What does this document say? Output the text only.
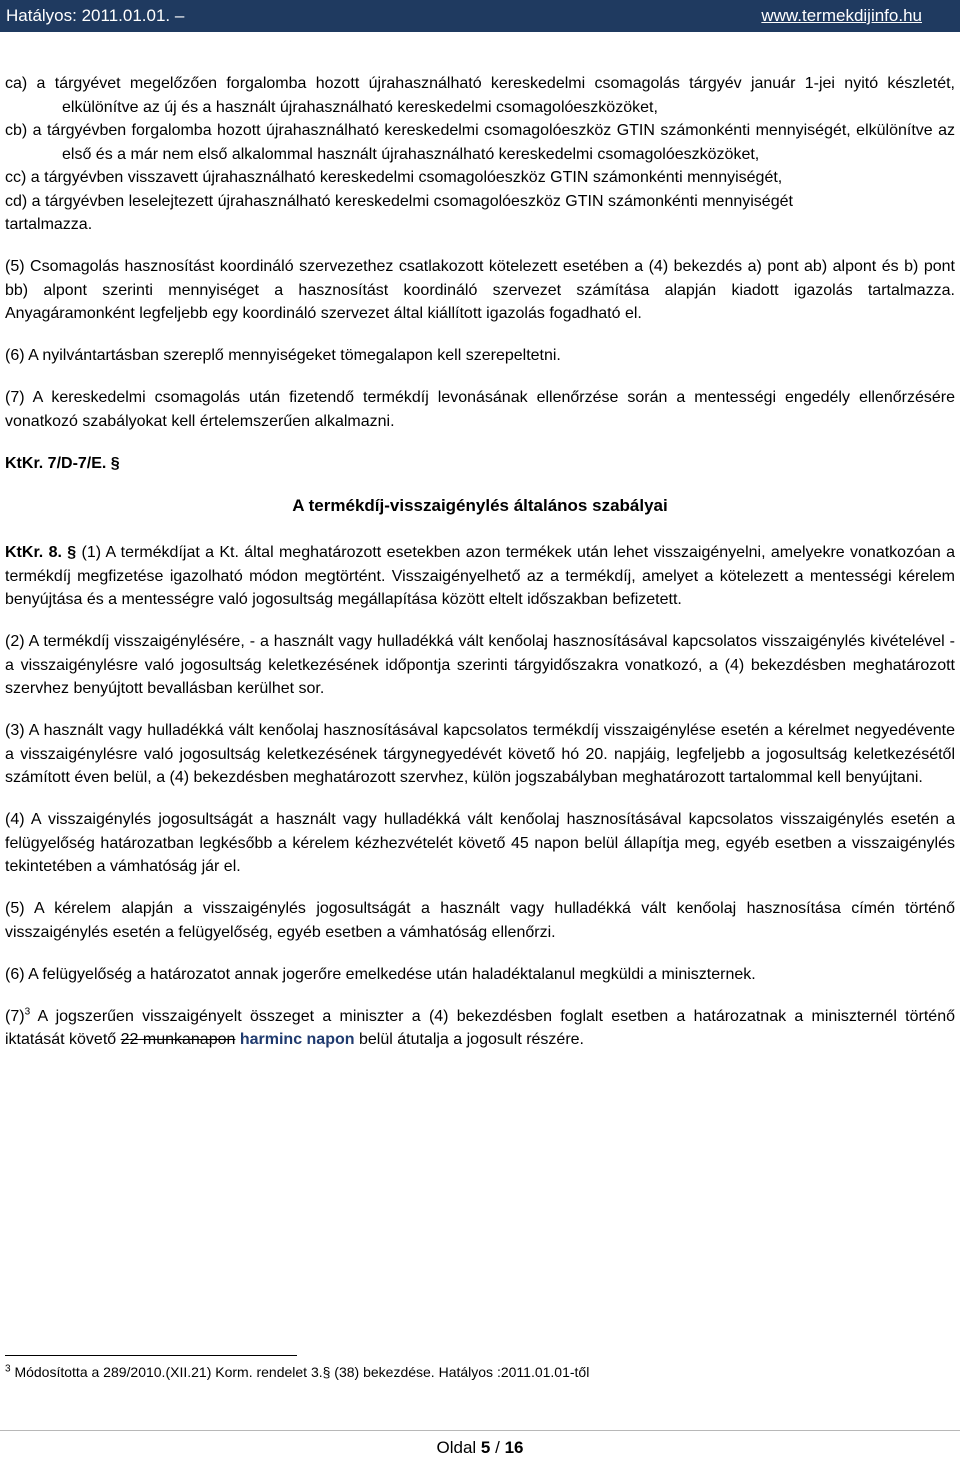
Hatályos: 2011.01.01. –	www.termekdijinfo.hu

ca) a tárgyévet megelőzően forgalomba hozott újrahasználható kereskedelmi csomagolás tárgyév január 1-jei nyitó készletét, elkülönítve az új és a használt újrahasználható kereskedelmi csomagolóeszközöket,

cb) a tárgyévben forgalomba hozott újrahasználható kereskedelmi csomagolóeszköz GTIN számonkénti mennyiségét, elkülönítve az első és a már nem első alkalommal használt újrahasználható kereskedelmi csomagolóeszközöket,

cc) a tárgyévben visszavett újrahasználható kereskedelmi csomagolóeszköz GTIN számonkénti mennyiségét,

cd) a tárgyévben leselejtezett újrahasználható kereskedelmi csomagolóeszköz GTIN számonkénti mennyiségét

tartalmazza.

(5) Csomagolás hasznosítást koordináló szervezethez csatlakozott kötelezett esetében a (4) bekezdés a) pont ab) alpont és b) pont bb) alpont szerinti mennyiséget a hasznosítást koordináló szervezet számítása alapján kiadott igazolás tartalmazza. Anyagáramonként legfeljebb egy koordináló szervezet által kiállított igazolás fogadható el.

(6) A nyilvántartásban szereplő mennyiségeket tömegalapon kell szerepeltetni.

(7) A kereskedelmi csomagolás után fizetendő termékdíj levonásának ellenőrzése során a mentességi engedély ellenőrzésére vonatkozó szabályokat kell értelemszerűen alkalmazni.

KtKr. 7/D-7/E. §

A termékdíj-visszaigénylés általános szabályai

KtKr. 8. § (1) A termékdíjat a Kt. által meghatározott esetekben azon termékek után lehet visszaigényelni, amelyekre vonatkozóan a termékdíj megfizetése igazolható módon megtörtént. Visszaigényelhető az a termékdíj, amelyet a kötelezett a mentességi kérelem benyújtása és a mentességre való jogosultság megállapítása között eltelt időszakban befizetett.

(2) A termékdíj visszaigénylésére, - a használt vagy hulladékká vált kenőolaj hasznosításával kapcsolatos visszaigénylés kivételével - a visszaigénylésre való jogosultság keletkezésének időpontja szerinti tárgyidőszakra vonatkozó, a (4) bekezdésben meghatározott szervhez benyújtott bevallásban kerülhet sor.

(3) A használt vagy hulladékká vált kenőolaj hasznosításával kapcsolatos termékdíj visszaigénylése esetén a kérelmet negyedévente a visszaigénylésre való jogosultság keletkezésének tárgynegyedévét követő hó 20. napjáig, legfeljebb a jogosultság keletkezésétől számított éven belül, a (4) bekezdésben meghatározott szervhez, külön jogszabályban meghatározott tartalommal kell benyújtani.

(4) A visszaigénylés jogosultságát a használt vagy hulladékká vált kenőolaj hasznosításával kapcsolatos visszaigénylés esetén a felügyelőség határozatban legkésőbb a kérelem kézhezvételét követő 45 napon belül állapítja meg, egyéb esetben a visszaigénylés tekintetében a vámhatóság jár el.

(5) A kérelem alapján a visszaigénylés jogosultságát a használt vagy hulladékká vált kenőolaj hasznosítása címén történő visszaigénylés esetén a felügyelőség, egyéb esetben a vámhatóság ellenőrzi.

(6) A felügyelőség a határozatot annak jogerőre emelkedése után haladéktalanul megküldi a miniszternek.

$(7)^3$ A jogszerűen visszaigényelt összeget a miniszter a (4) bekezdésben foglalt esetben a határozatnak a miniszternél történő iktatását követő 22 munkanapon harminc napon belül átutalja a jogosult részére.

$^3$ Módosította a 289/2010.(XII.21) Korm. rendelet 3.§ (38) bekezdése. Hatályos :2011.01.01-től
Oldal 5 / 16
